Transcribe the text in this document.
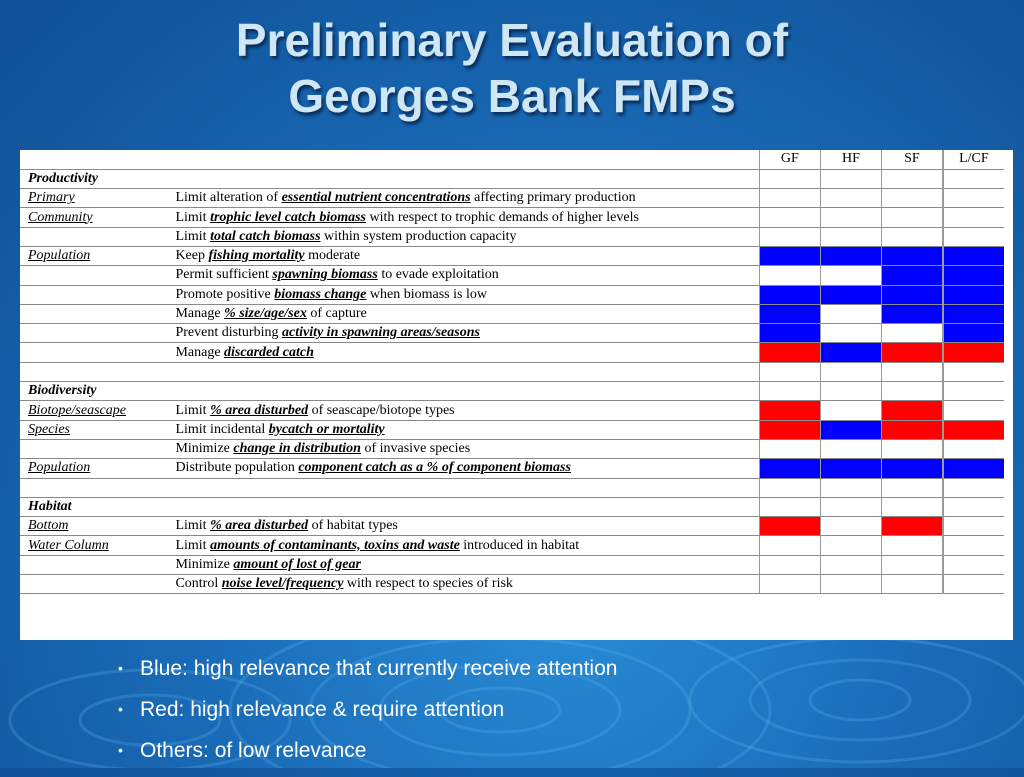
Preliminary Evaluation of
Georges Bank FMPs
		GF	HF	SF	L/CF
Productivity					
Primary	Limit alteration of essential nutrient concentrations affecting primary production				
Community	Limit trophic level catch biomass with respect to trophic demands of higher levels				
	Limit total catch biomass within system production capacity				
Population	Keep fishing mortality moderate				
	Permit sufficient spawning biomass to evade exploitation				
	Promote positive biomass change when biomass is low				
	Manage % size/age/sex of capture				
	Prevent disturbing activity in spawning areas/seasons				
	Manage discarded catch				

Biodiversity					
Biotope/seascape	Limit % area disturbed of seascape/biotope types				
Species	Limit incidental bycatch or mortality				
	Minimize change in distribution of invasive species				
Population	Distribute population component catch as a % of component biomass				

Habitat					
Bottom	Limit % area disturbed of habitat types				
Water Column	Limit amounts of contaminants, toxins and waste introduced in habitat				
	Minimize amount of lost of gear				
	Control noise level/frequency with respect to species of risk				
• Blue: high relevance that currently receive attention
• Red: high relevance & require attention
• Others: of low relevance
